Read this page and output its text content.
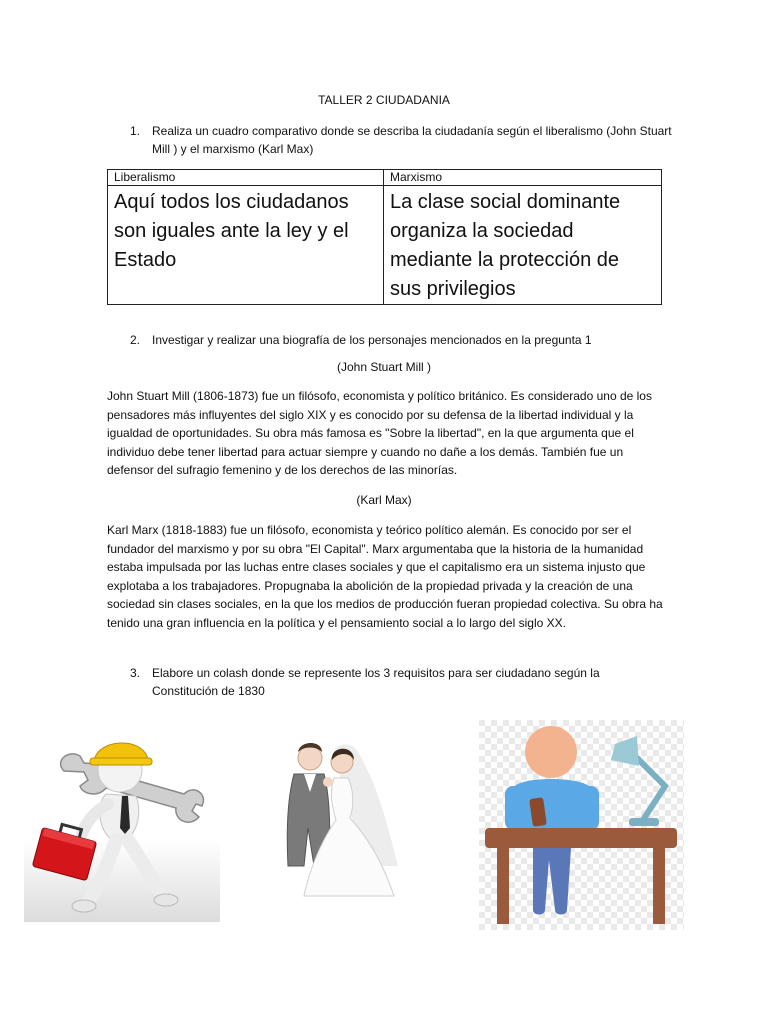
TALLER 2 CIUDADANIA
1. Realiza un cuadro comparativo donde se describa la ciudadanía según el liberalismo (John Stuart Mill ) y el marxismo (Karl Max)
Liberalismo	Marxismo
Aquí todos los ciudadanos son iguales ante la ley y el Estado	La clase social dominante organiza la sociedad mediante la protección de sus privilegios
2. Investigar y realizar una biografía de los personajes mencionados en la pregunta 1
(John Stuart Mill )
John Stuart Mill (1806-1873) fue un filósofo, economista y político británico. Es considerado uno de los pensadores más influyentes del siglo XIX y es conocido por su defensa de la libertad individual y la igualdad de oportunidades. Su obra más famosa es "Sobre la libertad", en la que argumenta que el individuo debe tener libertad para actuar siempre y cuando no dañe a los demás. También fue un defensor del sufragio femenino y de los derechos de las minorías.
(Karl Max)
Karl Marx (1818-1883) fue un filósofo, economista y teórico político alemán. Es conocido por ser el fundador del marxismo y por su obra "El Capital". Marx argumentaba que la historia de la humanidad estaba impulsada por las luchas entre clases sociales y que el capitalismo era un sistema injusto que explotaba a los trabajadores. Propugnaba la abolición de la propiedad privada y la creación de una sociedad sin clases sociales, en la que los medios de producción fueran propiedad colectiva. Su obra ha tenido una gran influencia en la política y el pensamiento social a lo largo del siglo XX.
3. Elabore un colash donde se represente los 3 requisitos para ser ciudadano según la Constitución de 1830
